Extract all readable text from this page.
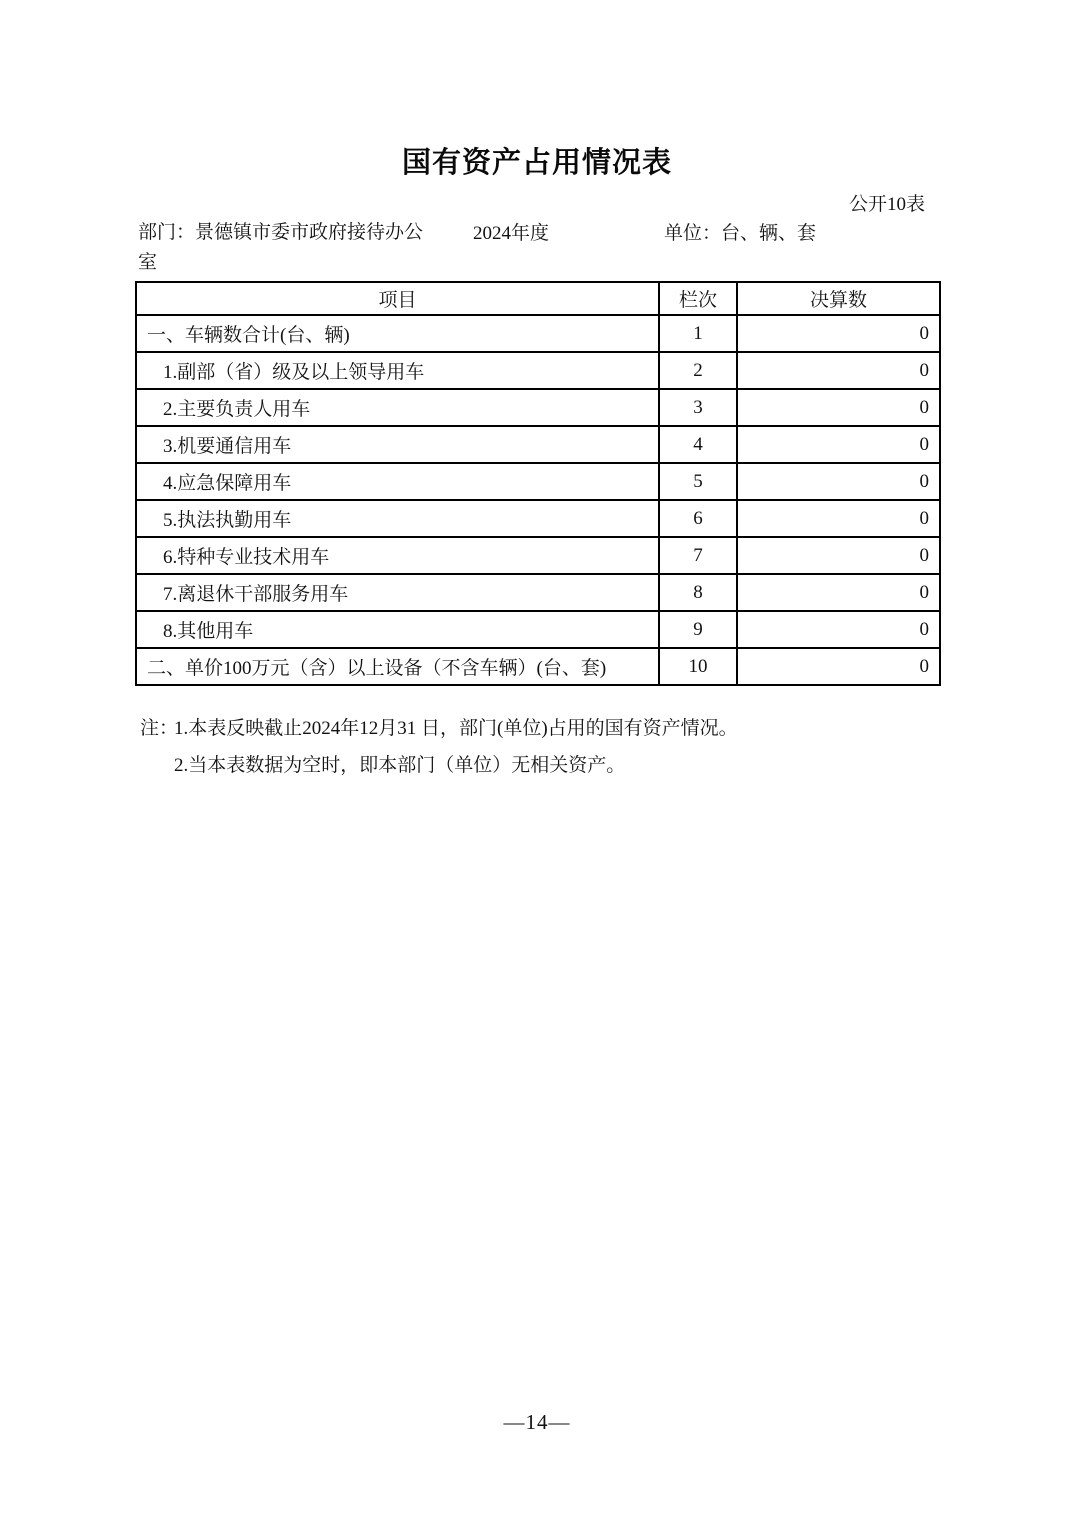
国有资产占用情况表
公开10表
部门：景德镇市委市政府接待办公室
2024年度	单位：台、辆、套
项目	栏次	决算数
一、车辆数合计(台、辆)	1	0
1.副部（省）级及以上领导用车	2	0
2.主要负责人用车	3	0
3.机要通信用车	4	0
4.应急保障用车	5	0
5.执法执勤用车	6	0
6.特种专业技术用车	7	0
7.离退休干部服务用车	8	0
8.其他用车	9	0
二、单价100万元（含）以上设备（不含车辆）(台、套)	10	0
注：
1.本表反映截止2024年12月31 日，部门(单位)占用的国有资产情况。
2.当本表数据为空时，即本部门（单位）无相关资产。
—14—
